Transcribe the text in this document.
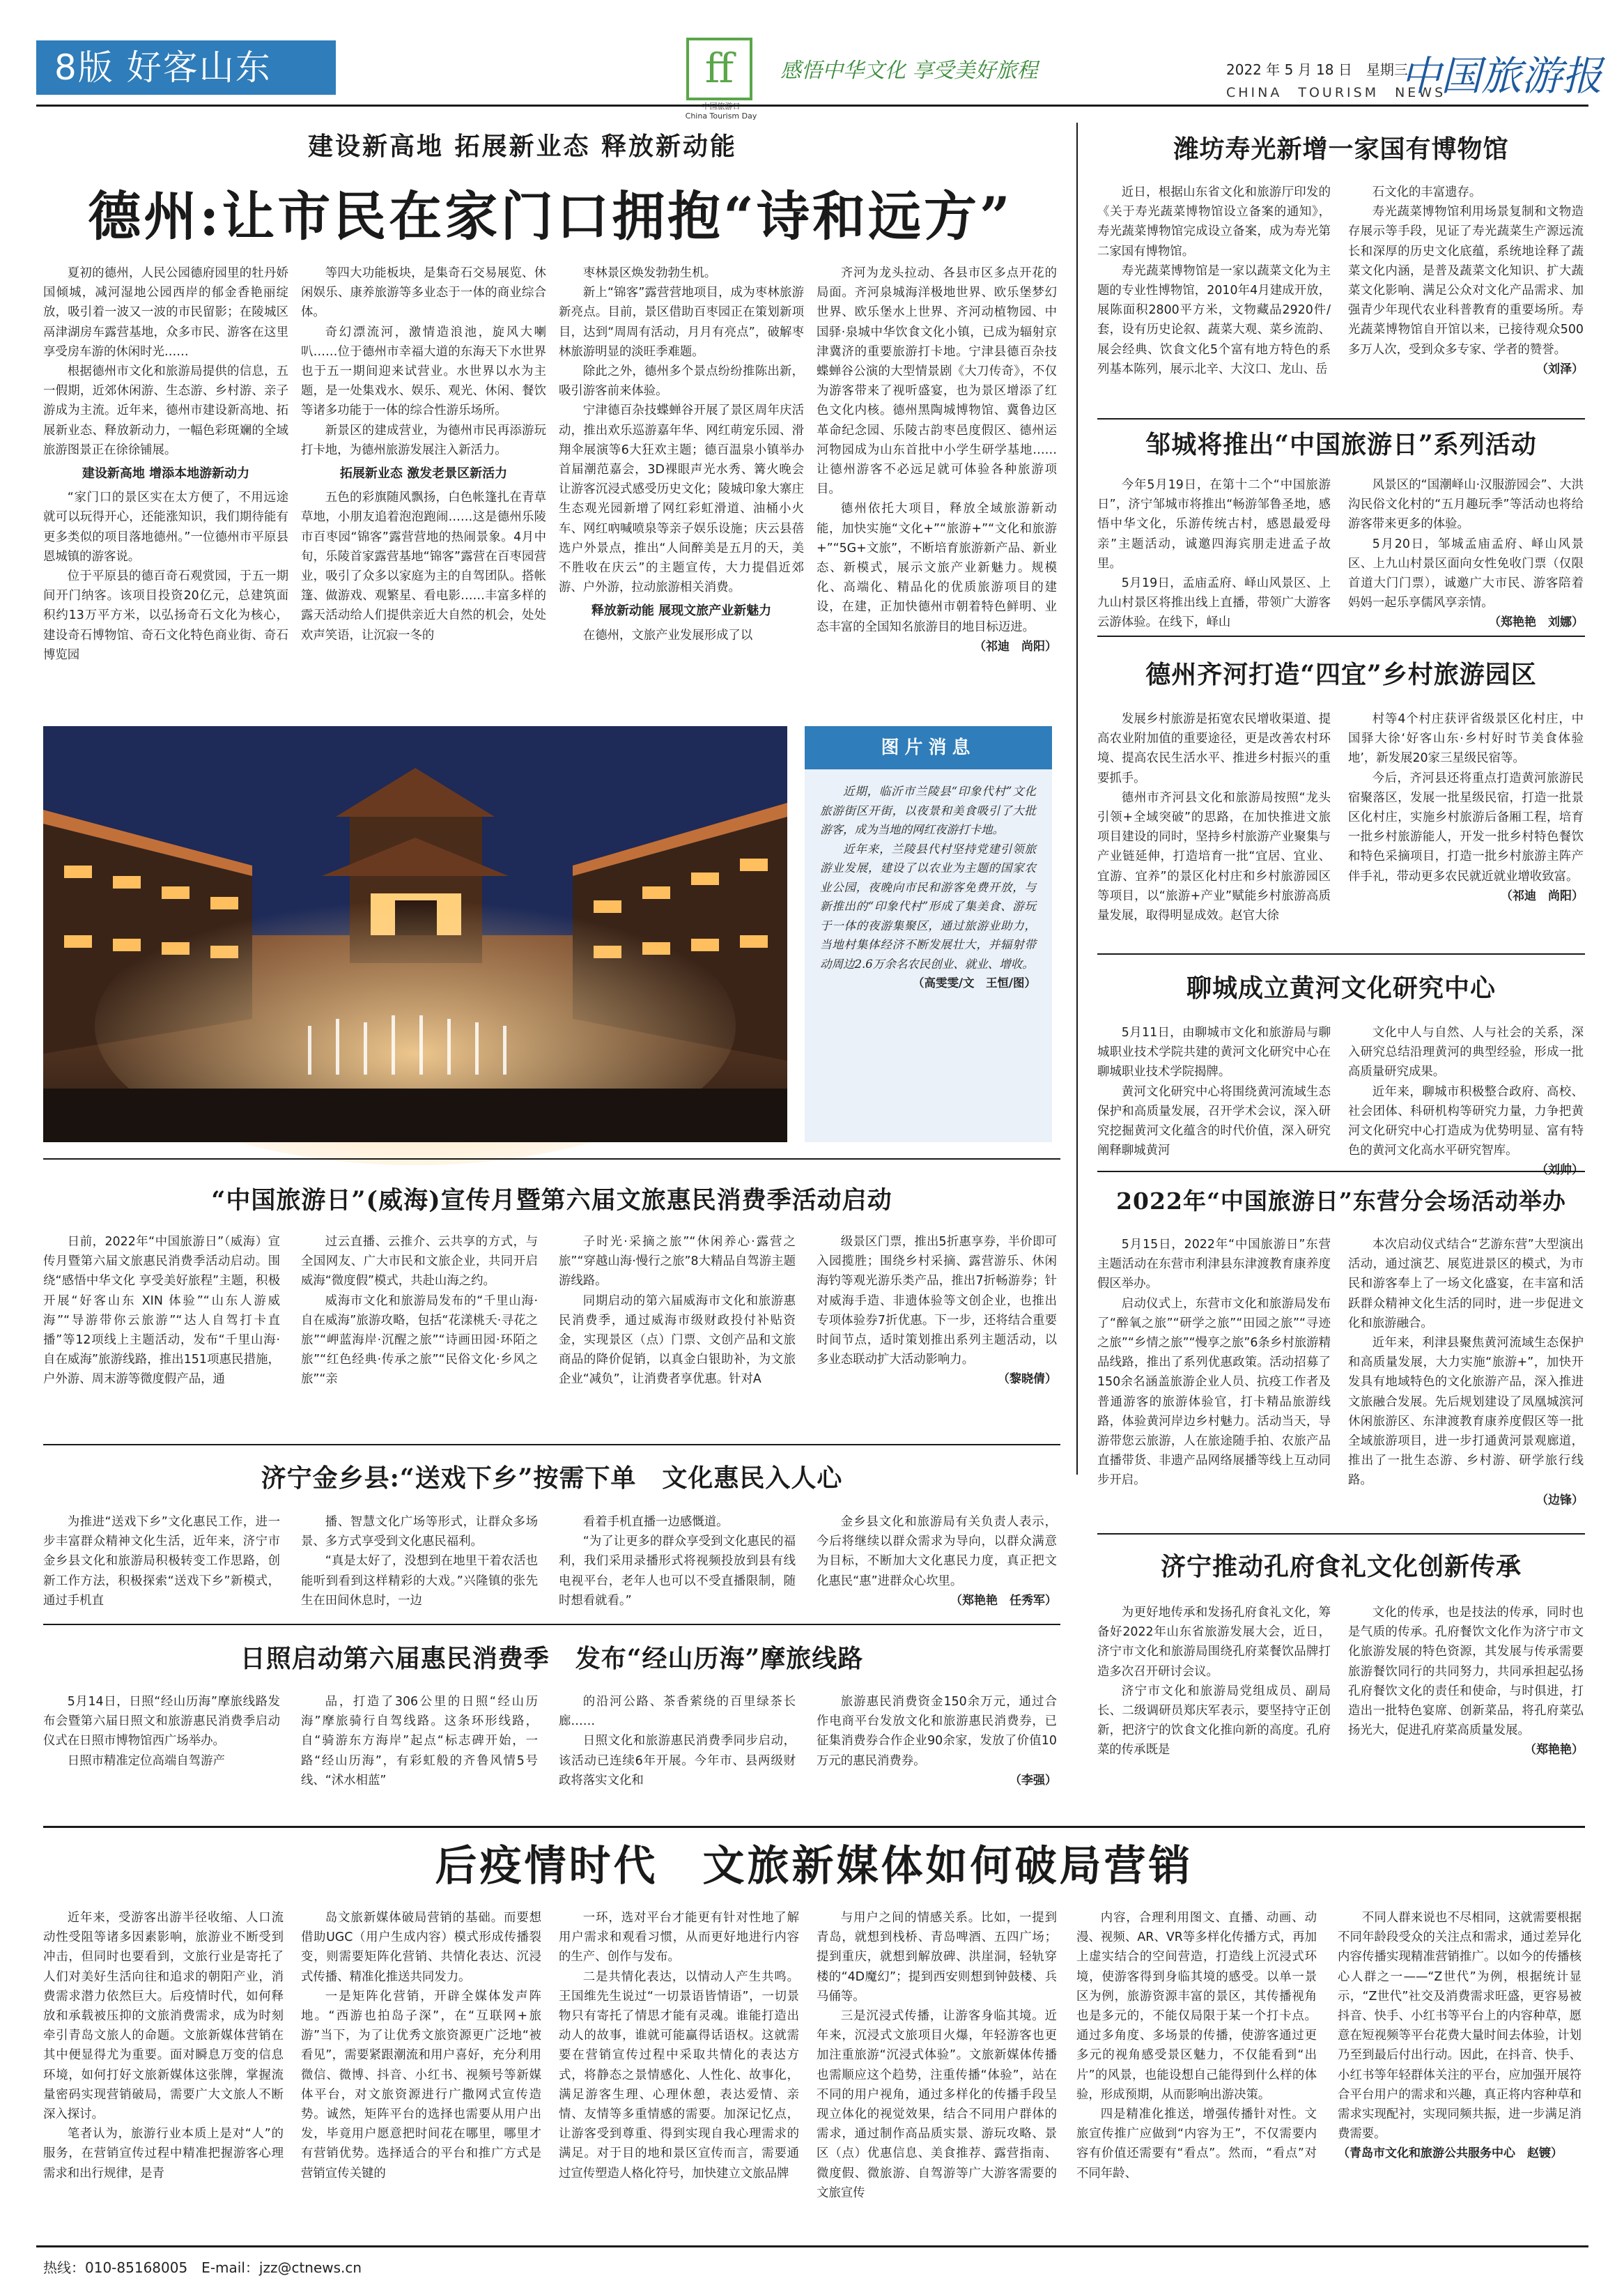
8版 好客山东	ff

China Tourism Day
感悟中华文化 享受美好旅程	2022 年 5 月 18 日　星期三
CHINA　TOURISM　NEWS
中国旅游报
建设新高地 拓展新业态 释放新动能
德州:让市民在家门口拥抱“诗和远方”

夏初的德州，人民公园德府园里的牡丹娇国倾城，减河湿地公园西岸的郁金香艳丽绽放，吸引着一波又一波的市民留影；在陵城区鬲津湖房车露营基地，众多市民、游客在这里享受房车游的休闲时光……

根据德州市文化和旅游局提供的信息，五一假期，近郊休闲游、生态游、乡村游、亲子游成为主流。近年来，德州市建设新高地、拓展新业态、释放新动力，一幅色彩斑斓的全域旅游图景正在徐徐铺展。

建设新高地 增添本地游新动力

“家门口的景区实在太方便了，不用远途就可以玩得开心，还能涨知识，我们期待能有更多类似的项目落地德州。”一位德州市平原县恩城镇的游客说。

位于平原县的德百奇石观赏园，于五一期间开门纳客。该项目投资20亿元，总建筑面积约13万平方米，以弘扬奇石文化为核心，建设奇石博物馆、奇石文化特色商业街、奇石博览园

等四大功能板块，是集奇石交易展览、休闲娱乐、康养旅游等多业态于一体的商业综合体。

奇幻漂流河，激情造浪池，旋风大喇叭……位于德州市幸福大道的东海天下水世界也于五一期间迎来试营业。水世界以水为主题，是一处集戏水、娱乐、观光、休闲、餐饮等诸多功能于一体的综合性游乐场所。

新景区的建成营业，为德州市民再添游玩打卡地，为德州旅游发展注入新活力。

拓展新业态 激发老景区新活力

五色的彩旗随风飘扬，白色帐篷扎在青草草地，小朋友追着泡泡跑闹……这是德州乐陵市百枣园“锦客”露营营地的热闹景象。4月中旬，乐陵首家露营基地“锦客”露营在百枣园营业，吸引了众多以家庭为主的自驾团队。搭帐篷、做游戏、观繁星、看电影……丰富多样的露天活动给人们提供亲近大自然的机会，处处欢声笑语，让沉寂一冬的

枣林景区焕发勃勃生机。

新上“锦客”露营营地项目，成为枣林旅游新亮点。目前，景区借助百枣园正在策划新项目，达到“周周有活动，月月有亮点”，破解枣林旅游明显的淡旺季难题。

除此之外，德州多个景点纷纷推陈出新，吸引游客前来体验。

宁津德百杂技蝶蝉谷开展了景区周年庆活动，推出欢乐巡游嘉年华、网红萌宠乐园、滑翔伞展演等6大狂欢主题；德百温泉小镇举办首届潮范嘉会，3D裸眼声光水秀、篝火晚会让游客沉浸式感受历史文化；陵城印象大寨庄生态观光园新增了网红彩虹滑道、油桶小火车、网红吶喊喷泉等亲子娱乐设施；庆云县蓓选户外景点，推出“人间醉美是五月的天，美不胜收在庆云”的主题宣传，大力提倡近郊游、户外游，拉动旅游相关消费。

释放新动能 展现文旅产业新魅力

在德州，文旅产业发展形成了以

齐河为龙头拉动、各县市区多点开花的局面。齐河泉城海洋极地世界、欧乐堡梦幻世界、欧乐堡水上世界、齐河动植物园、中国驿·泉城中华饮食文化小镇，已成为辐射京津冀济的重要旅游打卡地。宁津县德百杂技蝶蝉谷公演的大型情景剧《大刀传奇》，不仅为游客带来了视听盛宴，也为景区增添了红色文化内核。德州黑陶城博物馆、冀鲁边区革命纪念园、乐陵古韵枣邑度假区、德州运河物园成为山东首批中小学生研学基地……让德州游客不必远足就可体验各种旅游项目。

德州依托大项目，释放全域旅游新动能，加快实施“文化+”“旅游+”“文化和旅游+”“5G+文旅”，不断培育旅游新产品、新业态、新模式，展示文旅产业新魅力。规模化、高端化、精品化的优质旅游项目的建设，在建，正加快德州市朝着特色鲜明、业态丰富的全国知名旅游目的地目标迈进。

（祁迪　尚阳）

图片消息

近期，临沂市兰陵县“印象代村”文化旅游街区开街，以夜景和美食吸引了大批游客，成为当地的网红夜游打卡地。

近年来，兰陵县代村坚持党建引领旅游业发展，建设了以农业为主题的国家农业公园，夜晚向市民和游客免费开放，与新推出的“印象代村”形成了集美食、游玩于一体的夜游集聚区，通过旅游业助力，当地村集体经济不断发展壮大，并辐射带动周边2.6万余名农民创业、就业、增收。

（高雯雯/文　王恒/图）

潍坊寿光新增一家国有博物馆

近日，根据山东省文化和旅游厅印发的《关于寿光蔬菜博物馆设立备案的通知》，寿光蔬菜博物馆完成设立备案，成为寿光第二家国有博物馆。

寿光蔬菜博物馆是一家以蔬菜文化为主题的专业性博物馆，2010年4月建成开放，展陈面积2800平方米，文物藏品2920件/套，设有历史论叙、蔬菜大观、菜乡流韵、展会经典、饮食文化5个富有地方特色的系列基本陈列，展示北辛、大汶口、龙山、岳

石文化的丰富遗存。

寿光蔬菜博物馆利用场景复制和文物造存展示等手段，见证了寿光蔬菜生产源远流长和深厚的历史文化底蕴，系统地诠释了蔬菜文化内涵，是普及蔬菜文化知识、扩大蔬菜文化影响、满足公众对文化产品需求、加强青少年现代农业科普教育的重要场所。寿光蔬菜博物馆自开馆以来，已接待观众500多万人次，受到众多专家、学者的赞誉。

（刘泽）

邹城将推出“中国旅游日”系列活动

今年5月19日，在第十二个“中国旅游日”，济宁邹城市将推出“畅游邹鲁圣地，感悟中华文化，乐游传统古村，感恩最爱母亲”主题活动，诚邀四海宾朋走进孟子故里。

5月19日，孟庙孟府、峄山风景区、上九山村景区将推出线上直播，带领广大游客云游体验。在线下，峄山

风景区的“国潮峄山·汉服游园会”、大洪沟民俗文化村的“五月趣玩季”等活动也将给游客带来更多的体验。

5月20日，邹城孟庙孟府、峄山风景区、上九山村景区面向女性免收门票（仅限首道大门门票），诚邀广大市民、游客陪着妈妈一起乐享儒风享亲情。

（郑艳艳　刘娜）

德州齐河打造“四宜”乡村旅游园区

发展乡村旅游是拓宽农民增收渠道、提高农业附加值的重要途径，更是改善农村环境、提高农民生活水平、推进乡村振兴的重要抓手。

德州市齐河县文化和旅游局按照“龙头引领+全域突破”的思路，在加快推进文旅项目建设的同时，坚持乡村旅游产业聚集与产业链延伸，打造培育一批“宜居、宜业、宜游、宜养”的景区化村庄和乡村旅游园区等项目，以“旅游+产业”赋能乡村旅游高质量发展，取得明显成效。赵官大徐

村等4个村庄获评省级景区化村庄，中国驿大徐‘好客山东·乡村好时节美食体验地’，新发展20家三星级民宿等。

今后，齐河县还将重点打造黄河旅游民宿聚落区，发展一批星级民宿，打造一批景区化村庄，实施乡村旅游后备厢工程，培育一批乡村旅游能人，开发一批乡村特色餐饮和特色采摘项目，打造一批乡村旅游主阵产伴手礼，带动更多农民就近就业增收致富。

（祁迪　尚阳）

聊城成立黄河文化研究中心

5月11日，由聊城市文化和旅游局与聊城职业技术学院共建的黄河文化研究中心在聊城职业技术学院揭牌。

黄河文化研究中心将围绕黄河流域生态保护和高质量发展，召开学术会议，深入研究挖掘黄河文化蕴含的时代价值，深入研究阐释聊城黄河

文化中人与自然、人与社会的关系，深入研究总结沿理黄河的典型经验，形成一批高质量研究成果。

近年来，聊城市积极整合政府、高校、社会团体、科研机构等研究力量，力争把黄河文化研究中心打造成为优势明显、富有特色的黄河文化高水平研究智库。

2022年“中国旅游日”东营分会场活动举办

5月15日，2022年“中国旅游日”东营主题活动在东营市利津县东津渡教育康养度假区举办。

启动仪式上，东营市文化和旅游局发布了“醉氧之旅”“研学之旅”“田园之旅”“寻迹之旅”“乡情之旅”“慢享之旅”6条乡村旅游精品线路，推出了系列优惠政策。活动招募了150余名涵盖旅游企业人员、抗疫工作者及普通游客的旅游体验官，打卡精品旅游线路，体验黄河岸边乡村魅力。活动当天，导游带您云旅游，人在旅途随手拍、农旅产品直播带货、非遗产品网络展播等线上互动同步开启。

本次启动仪式结合“艺游东营”大型演出活动，通过演艺、展览进景区的模式，为市民和游客奉上了一场文化盛宴，在丰富和活跃群众精神文化生活的同时，进一步促进文化和旅游融合。

近年来，利津县聚焦黄河流域生态保护和高质量发展，大力实施“旅游+”，加快开发具有地域特色的文化旅游产品，深入推进文旅融合发展。先后规划建设了凤凰城滨河休闲旅游区、东津渡教育康养度假区等一批全域旅游项目，进一步打通黄河景观廊道，推出了一批生态游、乡村游、研学旅行线路。

（边锋）

济宁推动孔府食礼文化创新传承

为更好地传承和发扬孔府食礼文化，筹备好2022年山东省旅游发展大会，近日，济宁市文化和旅游局围绕孔府菜餐饮品牌打造多次召开研讨会议。

济宁市文化和旅游局党组成员、副局长、二级调研员郑庆军表示，要坚持守正创新，把济宁的饮食文化推向新的高度。孔府菜的传承既是

文化的传承，也是技法的传承，同时也是气质的传承。孔府餐饮文化作为济宁市文化旅游发展的特色资源，其发展与传承需要旅游餐饮同行的共同努力，共同承担起弘扬孔府餐饮文化的责任和使命，与时俱进，打造出一批特色宴席、创新菜品，将孔府菜弘扬光大，促进孔府菜高质量发展。

（郑艳艳）

“中国旅游日”(威海)宣传月暨第六届文旅惠民消费季活动启动

日前，2022年“中国旅游日”（威海）宣传月暨第六届文旅惠民消费季活动启动。围绕“感悟中华文化 享受美好旅程”主题，积极开展“好客山东 XIN 体验”“山东人游威海”“导游带你云旅游”“达人自驾打卡直播”等12项线上主题活动，发布“千里山海·自在威海”旅游线路，推出151项惠民措施，户外游、周末游等微度假产品，通

过云直播、云推介、云共享的方式，与全国网友、广大市民和文旅企业，共同开启威海“微度假”模式，共赴山海之约。

威海市文化和旅游局发布的“千里山海·自在威海”旅游攻略，包括“花漾桃夭·寻花之旅”“岬蓝海岸·沉醒之旅”“诗画田园·环陌之旅”“红色经典·传承之旅”“民俗文化·乡风之旅”“亲

子时光·采摘之旅”“休闲养心·露营之旅”“穿越山海·慢行之旅”8大精品自驾游主题游线路。

同期启动的第六届威海市文化和旅游惠民消费季，通过威海市级财政投付补贴资金，实现景区（点）门票、文创产品和文旅商品的降价促销，以真金白银助补，为文旅企业“减负”，让消费者享优惠。针对A

级景区门票，推出5折惠享券，半价即可入园揽胜；围绕乡村采摘、露营游乐、休闲海钓等观光游乐类产品，推出7折畅游券；针对威海手造、非遗体验等文创企业，也推出专项体验券7折优惠。下一步，还将结合重要时间节点，适时策划推出系列主题活动，以多业态联动扩大活动影响力。

（黎晓倩）

济宁金乡县:“送戏下乡”按需下单　文化惠民入人心

为推进“送戏下乡”文化惠民工作，进一步丰富群众精神文化生活，近年来，济宁市金乡县文化和旅游局积极转变工作思路，创新工作方法，积极探索“送戏下乡”新模式，通过手机直

播、智慧文化广场等形式，让群众多场景、多方式享受到文化惠民福利。

“真是太好了，没想到在地里干着农活也能听到看到这样精彩的大戏。”兴隆镇的张先生在田间休息时，一边

看着手机直播一边感慨道。

“为了让更多的群众享受到文化惠民的福利，我们采用录播形式将视频投放到县有线电视平台，老年人也可以不受直播限制，随时想看就看。”

金乡县文化和旅游局有关负责人表示，今后将继续以群众需求为导向，以群众满意为目标，不断加大文化惠民力度，真正把文化惠民“惠”进群众心坎里。

（郑艳艳　任秀军）

日照启动第六届惠民消费季　发布“经山历海”摩旅线路

5月14日，日照“经山历海”摩旅线路发布会暨第六届日照文和旅游惠民消费季启动仪式在日照市博物馆西广场举办。

日照市精准定位高端自驾游产

品，打造了306公里的日照“经山历海”摩旅骑行自驾线路。这条环形线路，自“骑游东方海岸”起点“标志碑开始，一路“经山历海”，有彩虹般的齐鲁风情5号线、“沭水相蓝”

的沿河公路、茶香萦绕的百里绿茶长廊……

日照文化和旅游惠民消费季同步启动，该活动已连续6年开展。今年市、县两级财政将落实文化和

旅游惠民消费资金150余万元，通过合作电商平台发放文化和旅游惠民消费券，已征集消费券合作企业90余家，发放了价值10万元的惠民消费券。

（李强）

后疫情时代　文旅新媒体如何破局营销

近年来，受游客出游半径收缩、人口流动性受阻等诸多因素影响，旅游业不断受到冲击，但同时也要看到，文旅行业是寄托了人们对美好生活向往和追求的朝阳产业，消费需求潜力依然巨大。后疫情时代，如何释放和承载被压抑的文旅消费需求，成为时刻牵引青岛文旅人的命题。文旅新媒体营销在其中便显得尤为重要。面对瞬息万变的信息环境，如何打好文旅新媒体这张牌，掌握流量密码实现营销破局，需要广大文旅人不断深入探讨。

笔者认为，旅游行业本质上是对“人”的服务，在营销宣传过程中精准把握游客心理需求和出行规律，是青

岛文旅新媒体破局营销的基础。而要想借助UGC（用户生成内容）模式形成传播裂变，则需要矩阵化营销、共情化表达、沉浸式传播、精准化推送共同发力。

一是矩阵化营销，开辟全媒体发声阵地。“西游也拍岛子深”，在“互联网+旅游”当下，为了让优秀文旅资源更广泛地“被看见”，需要紧跟潮流和用户喜好，充分利用微信、微博、抖音、小红书、视频号等新媒体平台，对文旅资源进行广撒网式宣传造势。诚然，矩阵平台的选择也需要从用户出发，毕竟用户愿意把时间花在哪里，哪里才有营销优势。选择适合的平台和推广方式是营销宣传关键的

一环，选对平台才能更有针对性地了解用户需求和观看习惯，从而更好地进行内容的生产、创作与发布。

二是共情化表达，以情动人产生共鸣。王国维先生说过“一切景语皆情语”，一切景物只有寄托了情思才能有灵魂。谁能打造出动人的故事，谁就可能赢得话语权。这就需要在营销宣传过程中采取共情化的表达方式，将静态之景情感化、人性化、故事化，满足游客生理、心理休憩，表达爱情、亲情、友情等多重情感的需要。加深记忆点，让游客受到尊重、得到实现自我心理需求的满足。对于目的地和景区宣传而言，需要通过宣传塑造人格化符号，加快建立文旅品牌

与用户之间的情感关系。比如，一提到青岛，就想到栈桥、青岛啤酒、五四广场；提到重庆，就想到解放碑、洪崖洞，轻轨穿楼的“4D魔幻”；提到西安则想到钟鼓楼、兵马俑等。

三是沉浸式传播，让游客身临其境。近年来，沉浸式文旅项目火爆，年轻游客也更加注重旅游“沉浸式体验”。文旅新媒体传播也需顺应这个趋势，注重传播“体验”，站在不同的用户视角，通过多样化的传播手段呈现立体化的视觉效果，结合不同用户群体的需求，通过制作高品质实景、游玩攻略、景区（点）优惠信息、美食推荐、露营指南、微度假、微旅游、自驾游等广大游客需要的文旅宣传

内容，合理利用图文、直播、动画、动漫、视频、AR、VR等多样化传播方式，再加上虚实结合的空间营造，打造线上沉浸式环境，使游客得到身临其境的感受。以单一景区为例，旅游资源丰富的景区，其传播视角也是多元的，不能仅局限于某一个打卡点。通过多角度、多场景的传播，使游客通过更多元的视角感受景区魅力，不仅能看到“出片”的风景，也能设想自己能得到什么样的体验，形成预期，从而影响出游决策。

四是精准化推送，增强传播针对性。文旅宣传推广应做到“内容为王”，不仅需要内容有价值还需要有“看点”。然而，“看点”对不同年龄、

不同人群来说也不尽相同，这就需要根据不同年龄段受众的关注点和需求，通过差异化内容传播实现精准营销推广。以如今的传播核心人群之一——“Z世代”为例，根据统计显示，“Z世代”社交及消费需求旺盛，更容易被抖音、快手、小红书等平台上的内容种草，愿意在短视频等平台花费大量时间去体验，计划乃至到最后付出行动。因此，在抖音、快手、小红书等年轻群体关注的平台，应加强开展符合平台用户的需求和兴趣，真正将内容种草和需求实现配衬，实现同频共振，进一步满足消费需要。

（青岛市文化和旅游公共服务中心　赵镀）

热线：010-85168005　E-mail：jzz@ctnews.cn
